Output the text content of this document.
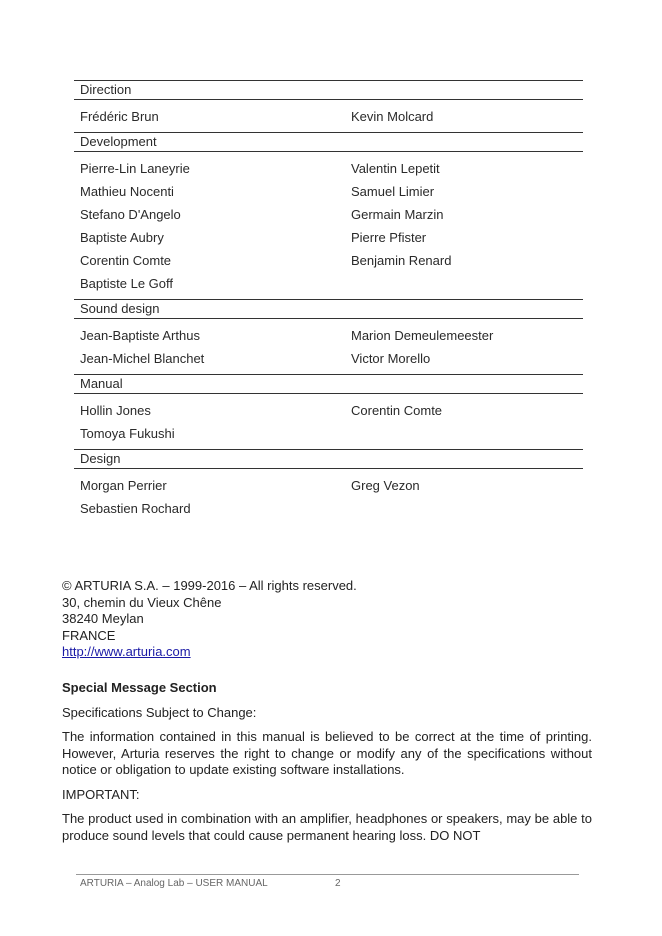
Direction
Frédéric Brun	Kevin Molcard
Development
Pierre-Lin Laneyrie
Mathieu Nocenti
Stefano D'Angelo
Baptiste Aubry
Corentin Comte
Baptiste Le Goff
Valentin Lepetit
Samuel Limier
Germain Marzin
Pierre Pfister
Benjamin Renard
Sound design
Jean-Baptiste Arthus
Jean-Michel Blanchet
Marion Demeulemeester
Victor Morello
Manual
Hollin Jones
Tomoya Fukushi
Corentin Comte
Design
Morgan Perrier
Sebastien Rochard
Greg Vezon
© ARTURIA S.A. – 1999-2016 – All rights reserved.
30, chemin du Vieux Chêne
38240 Meylan
FRANCE
http://www.arturia.com
Special Message Section

Specifications Subject to Change:

The information contained in this manual is believed to be correct at the time of printing. However, Arturia reserves the right to change or modify any of the specifications without notice or obligation to update existing software installations.

IMPORTANT:

The product used in combination with an amplifier, headphones or speakers, may be able to produce sound levels that could cause permanent hearing loss. DO NOT

ARTURIA – Analog Lab – USER MANUAL	2
